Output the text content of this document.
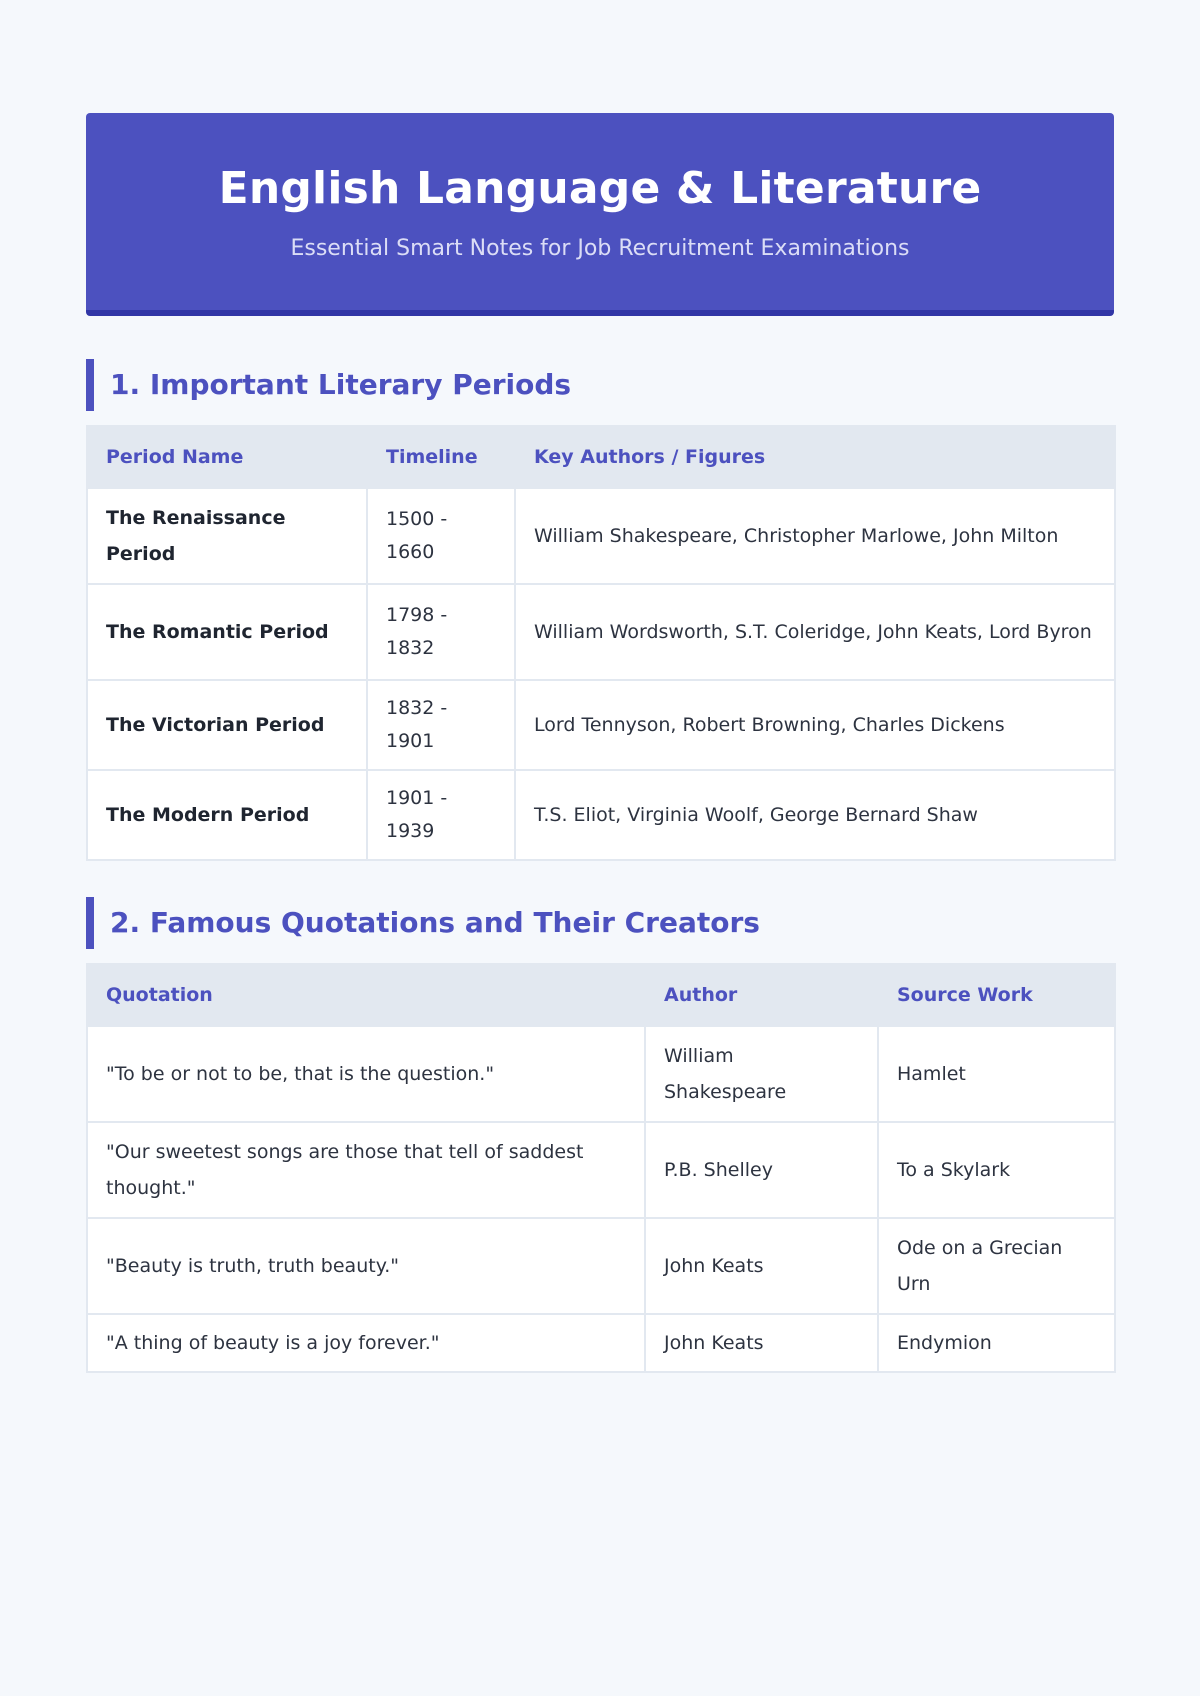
English Language & Literature
Essential Smart Notes for Job Recruitment Examinations
1. Important Literary Periods
Period Name	Timeline	Key Authors / Figures
The Renaissance Period	1500 - 1660	William Shakespeare, Christopher Marlowe, John Milton
The Romantic Period	1798 - 1832	William Wordsworth, S.T. Coleridge, John Keats, Lord Byron
The Victorian Period	1832 - 1901	Lord Tennyson, Robert Browning, Charles Dickens
The Modern Period	1901 - 1939	T.S. Eliot, Virginia Woolf, George Bernard Shaw
2. Famous Quotations and Their Creators
Quotation	Author	Source Work
"To be or not to be, that is the question."	William Shakespeare	Hamlet
"Our sweetest songs are those that tell of saddest thought."	P.B. Shelley	To a Skylark
"Beauty is truth, truth beauty."	John Keats	Ode on a Grecian Urn
"A thing of beauty is a joy forever."	John Keats	Endymion
